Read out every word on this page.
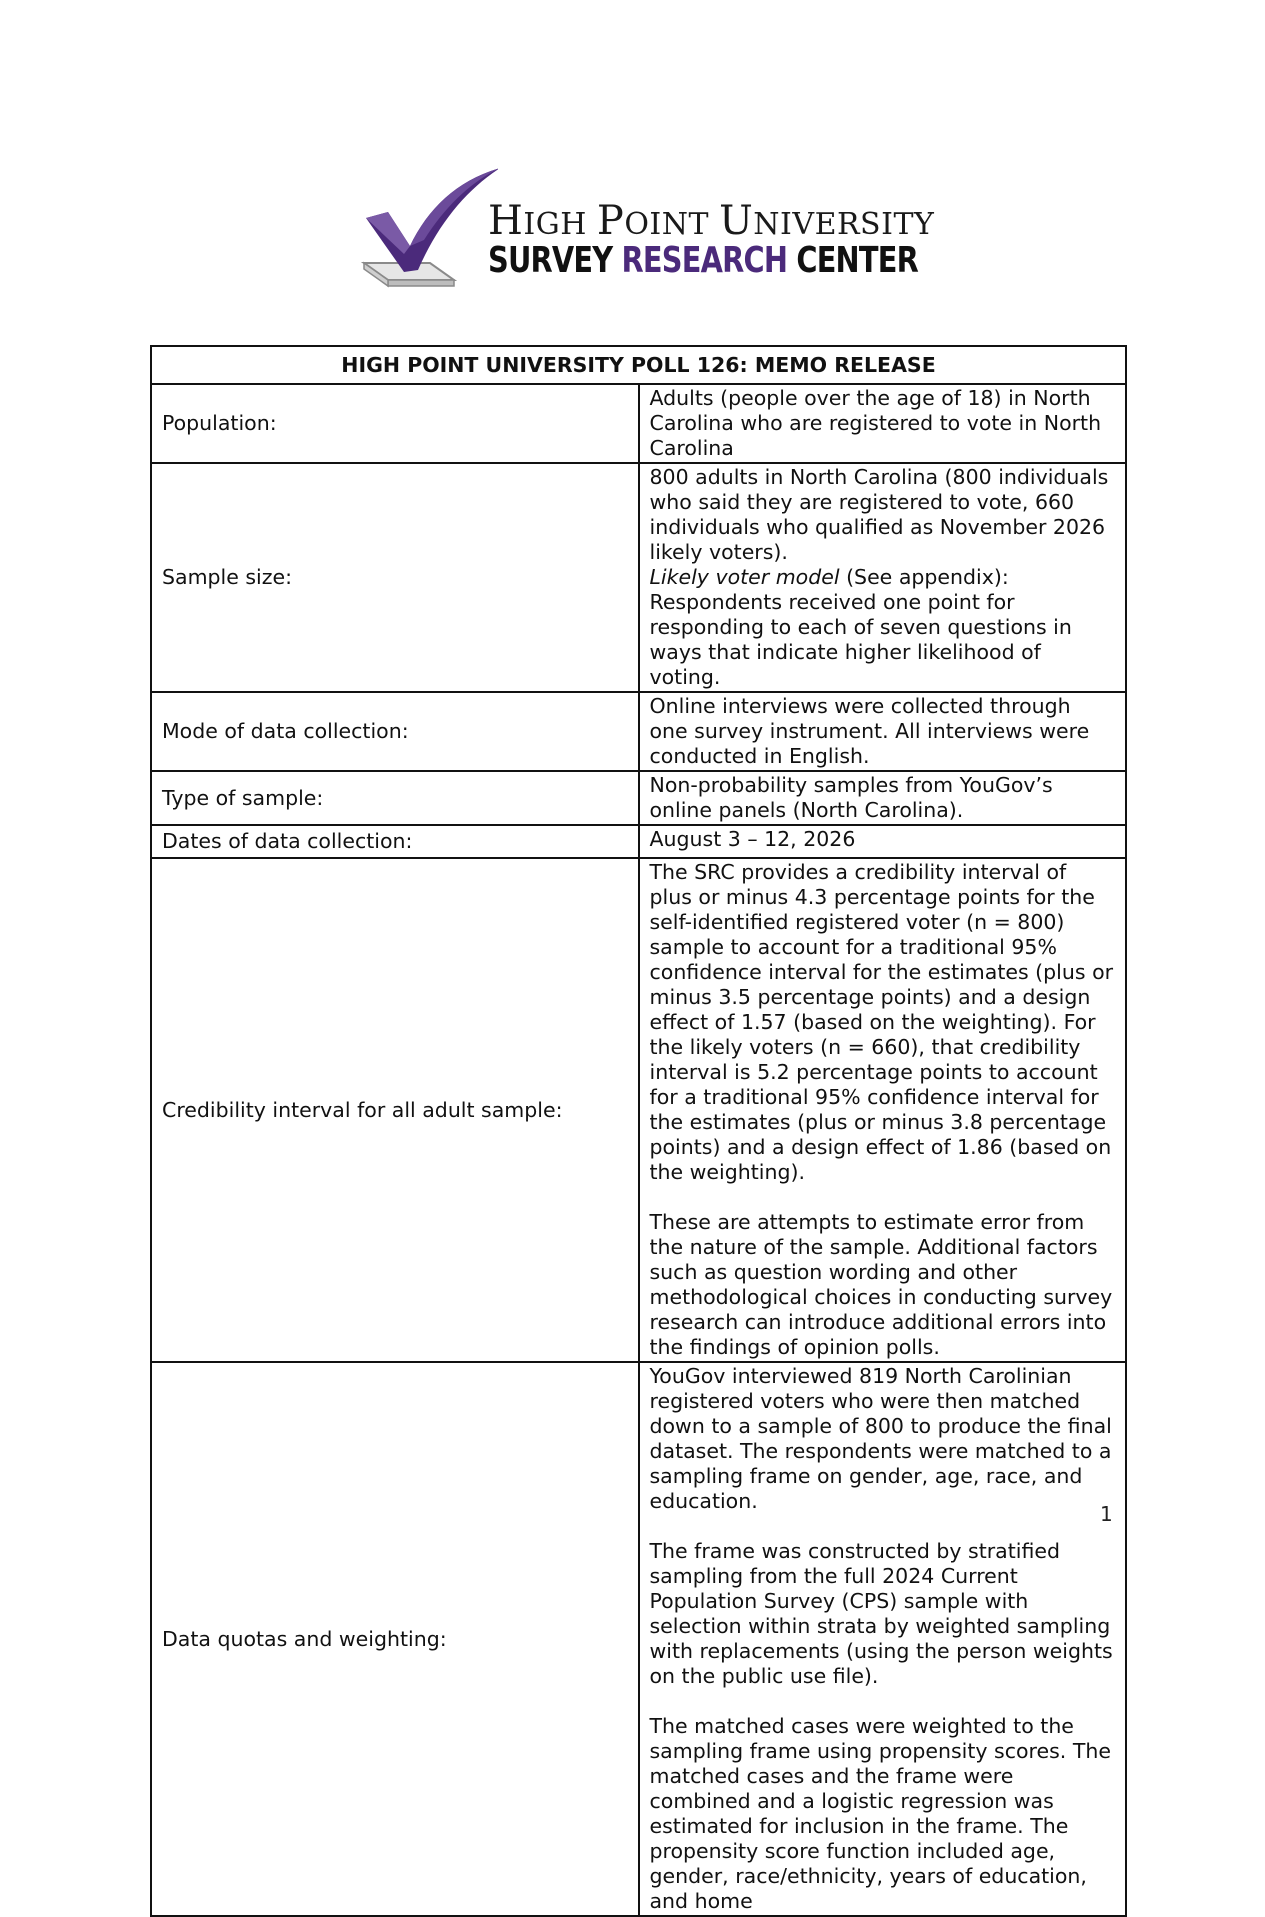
HIGH POINT UNIVERSITY
SURVEY RESEARCH CENTER
HIGH POINT UNIVERSITY POLL 126: MEMO RELEASE	
Population:	Adults (people over the age of 18) in North Carolina who are registered to vote in North Carolina

Sample size:	800 adults in North Carolina (800 individuals who said they are registered to vote, 660 individuals who qualified as November 2026 likely voters).

Likely voter model (See appendix): Respondents received one point for responding to each of seven questions in ways that indicate higher likelihood of voting.

Mode of data collection:	Online interviews were collected through one survey instrument. All interviews were conducted in English.

Type of sample:	Non-probability samples from YouGov’s online panels (North Carolina).

Dates of data collection:	August 3 – 12, 2026

Credibility interval for all adult sample:	The SRC provides a credibility interval of plus or minus 4.3 percentage points for the self-identified registered voter (n = 800) sample to account for a traditional 95% confidence interval for the estimates (plus or minus 3.5 percentage points) and a design effect of 1.57 (based on the weighting). For the likely voters (n = 660), that credibility interval is 5.2 percentage points to account for a traditional 95% confidence interval for the estimates (plus or minus 3.8 percentage points) and a design effect of 1.86 (based on the weighting).

These are attempts to estimate error from the nature of the sample. Additional factors such as question wording and other methodological choices in conducting survey research can introduce additional errors into the findings of opinion polls.

Data quotas and weighting:	YouGov interviewed 819 North Carolinian registered voters who were then matched down to a sample of 800 to produce the final dataset. The respondents were matched to a sampling frame on gender, age, race, and education.

The frame was constructed by stratified sampling from the full 2024 Current Population Survey (CPS) sample with selection within strata by weighted sampling with replacements (using the person weights on the public use file).

The matched cases were weighted to the sampling frame using propensity scores. The matched cases and the frame were combined and a logistic regression was estimated for inclusion in the frame. The propensity score function included age, gender, race/ethnicity, years of education, and home

1
